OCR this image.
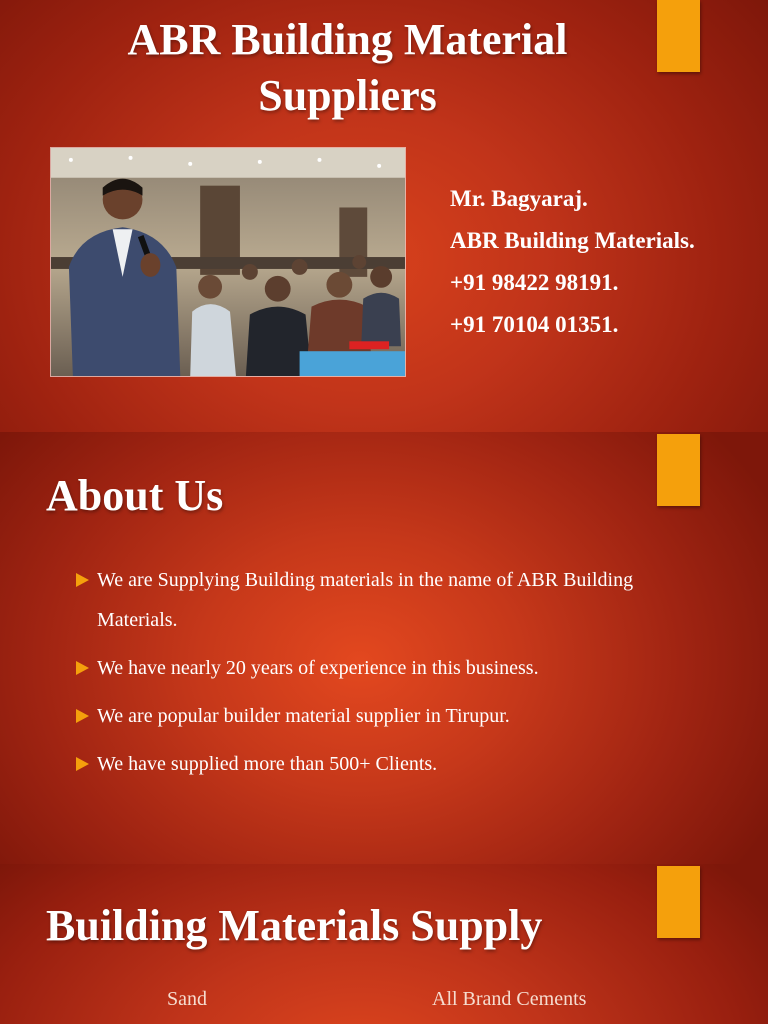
ABR Building Material Suppliers
Mr. Bagyaraj.
ABR Building Materials.
+91 98422 98191.
+91 70104 01351.
About Us
We are Supplying Building materials in the name of ABR Building Materials.
We have nearly 20 years of experience in this business.
We are popular builder material supplier in Tirupur.
We have supplied more than 500+ Clients.
Building Materials Supply

Sand	All Brand Cements
